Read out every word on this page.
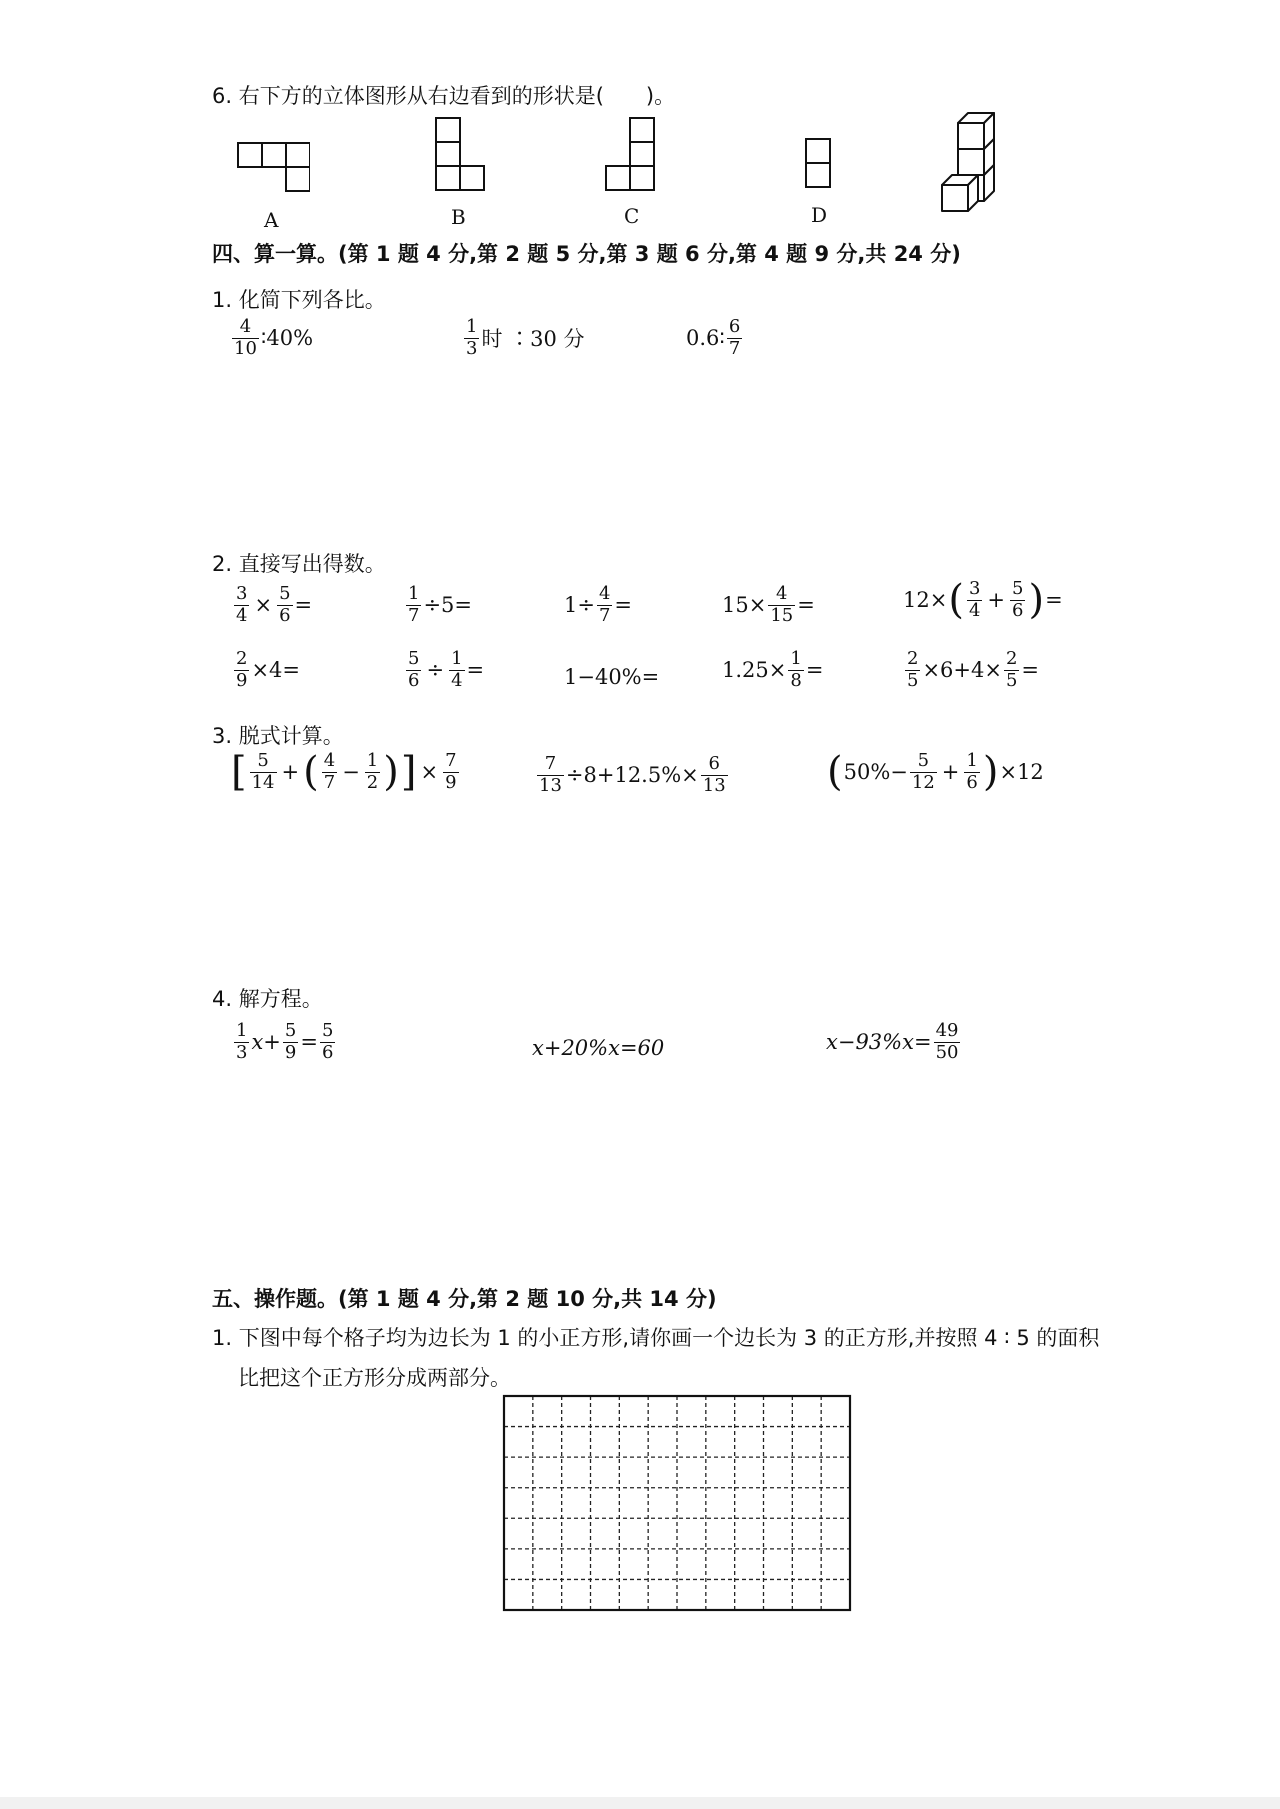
6. 右下方的立体图形从右边看到的形状是(　　)。
A	B	C	D
四、算一算。(第 1 题 4 分,第 2 题 5 分,第 3 题 6 分,第 4 题 9 分,共 24 分)
1. 化简下列各比。
$\frac{4}{10}$ ∶40%	$\frac{1}{3}$ 时 ∶30 分	0.6∶ $\frac{6}{7}$
2. 直接写出得数。
$\frac{3}{4} \times \frac{5}{6}$ =	$\frac{1}{7} \div 5=$	$1\div \frac{4}{7}$ =	$15\times \frac{4}{15}$ =	12× ( $\frac{3}{4} + \frac{5}{6}$ ) =
$\frac{2}{9} \times 4=$	$\frac{5}{6} \div \frac{1}{4}$ =	1−40%=	$1.25\times \frac{1}{8}$ =	$\frac{2}{5} \times 6+4\times \frac{2}{5}$ =
3. 脱式计算。
[ $\frac{5}{14}$ + ( $\frac{4}{7} - \frac{1}{2}$ ) ] × $\frac{7}{9}$	$\frac{7}{13} \div 8+12.5\%\times \frac{6}{13}$ ( $50\%- \frac{5}{12} + \frac{1}{6}$ ) ×12
4. 解方程。
$\frac{1}{3} x+ \frac{5}{9} = \frac{5}{6}$	x+20%x=60	$x-93\%x= \frac{49}{50}$
五、操作题。(第 1 题 4 分,第 2 题 10 分,共 14 分)
1. 下图中每个格子均为边长为 1 的小正方形,请你画一个边长为 3 的正方形,并按照 4 ∶ 5 的面积
比把这个正方形分成两部分。
